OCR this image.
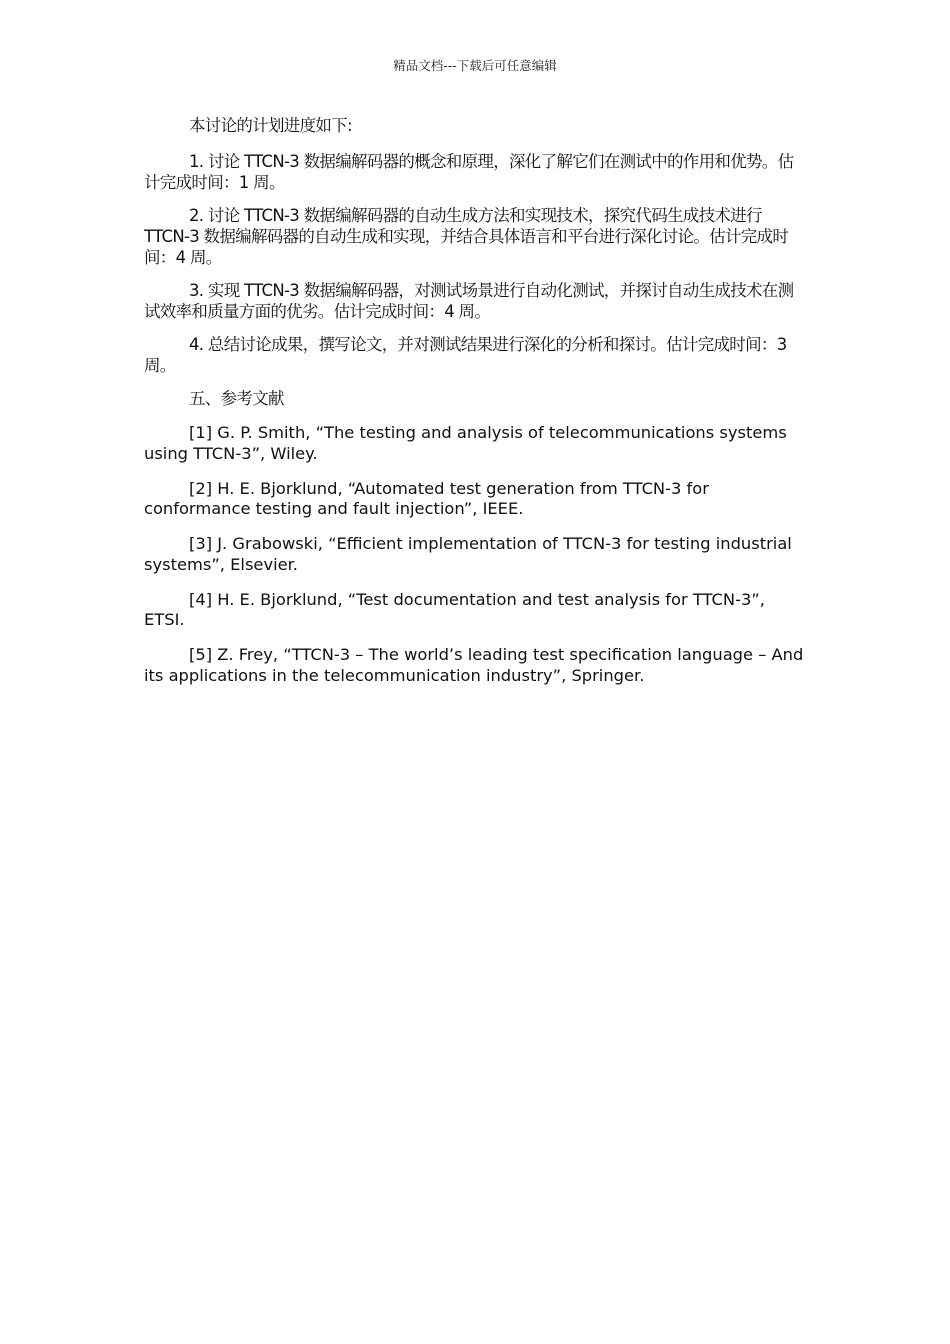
精品文档---下载后可任意编辑

本讨论的计划进度如下:

1. 讨论 TTCN-3 数据编解码器的概念和原理，深化了解它们在测试中的作用和优势。估计完成时间：1 周。

2. 讨论 TTCN-3 数据编解码器的自动生成方法和实现技术，探究代码生成技术进行 TTCN-3 数据编解码器的自动生成和实现，并结合具体语言和平台进行深化讨论。估计完成时间：4 周。

3. 实现 TTCN-3 数据编解码器，对测试场景进行自动化测试，并探讨自动生成技术在测试效率和质量方面的优劣。估计完成时间：4 周。

4. 总结讨论成果，撰写论文，并对测试结果进行深化的分析和探讨。估计完成时间：3 周。

五、参考文献

[1] G. P. Smith, “The testing and analysis of telecommunications systems using TTCN-3”, Wiley.

[2] H. E. Bjorklund, “Automated test generation from TTCN-3 for conformance testing and fault injection”, IEEE.

[3] J. Grabowski, “Efficient implementation of TTCN-3 for testing industrial systems”, Elsevier.

[4] H. E. Bjorklund, “Test documentation and test analysis for TTCN-3”, ETSI.

[5] Z. Frey, “TTCN-3 – The world’s leading test specification language – And its applications in the telecommunication industry”, Springer.
